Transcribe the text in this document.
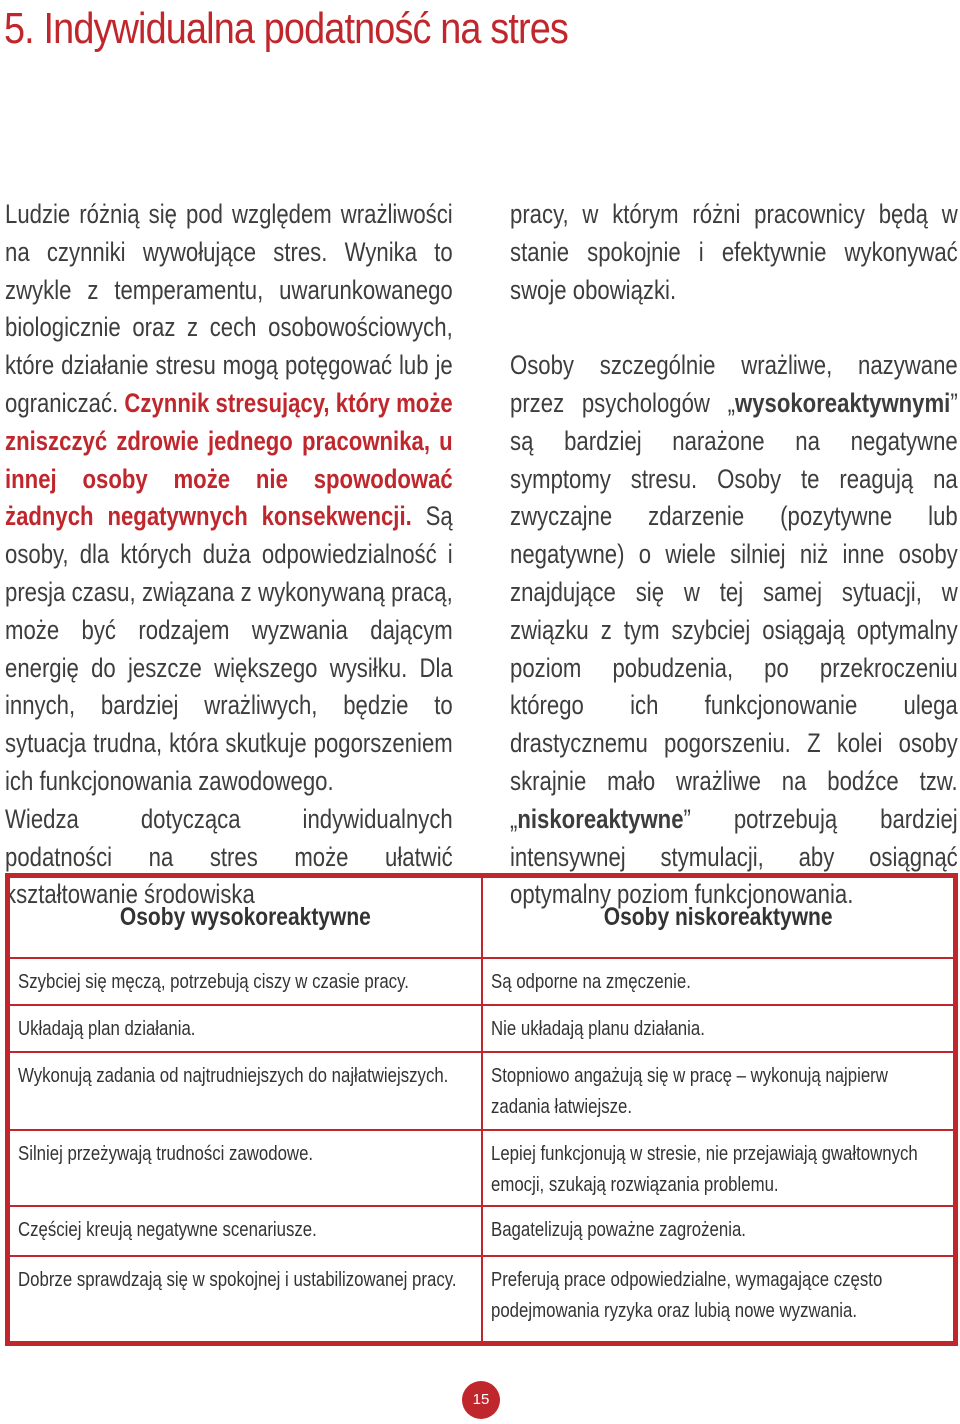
5. Indywidualna podatność na stres

Ludzie różnią się pod względem wrażliwości na czynniki wywołujące stres. Wynika to zwykle z temperamentu, uwarunkowanego biologicznie oraz z cech osobowościowych, które działanie stresu mogą potęgować lub je ograniczać. Czynnik stresujący, który może zniszczyć zdrowie jednego pracownika, u innej osoby może nie spowodować żadnych negatywnych konsekwencji. Są osoby, dla których duża odpowiedzialność i presja czasu, związana z wykonywaną pracą, może być rodzajem wyzwania dającym energię do jeszcze większego wysiłku. Dla innych, bardziej wrażliwych, będzie to sytuacja trudna, która skutkuje pogorszeniem ich funkcjonowania zawodowego.

Wiedza dotycząca indywidualnych podatności na stres może ułatwić kształtowanie środowiska

pracy, w którym różni pracownicy będą w stanie spokojnie i efektywnie wykonywać swoje obowiązki.

Osoby szczególnie wrażliwe, nazywane przez psychologów „wysokoreaktywnymi” są bardziej narażone na negatywne symptomy stresu. Osoby te reagują na zwyczajne zdarzenie (pozytywne lub negatywne) o wiele silniej niż inne osoby znajdujące się w tej samej sytuacji, w związku z tym szybciej osiągają optymalny poziom pobudzenia, po przekroczeniu którego ich funkcjonowanie ulega drastycznemu pogorszeniu. Z kolei osoby skrajnie mało wrażliwe na bodźce tzw. „niskoreaktywne” potrzebują bardziej intensywnej stymulacji, aby osiągnąć optymalny poziom funkcjonowania.

Osoby wysokoreaktywne	Osoby niskoreaktywne

Szybciej się męczą, potrzebują ciszy w czasie pracy.	Są odporne na zmęczenie.

Układają plan działania.	Nie układają planu działania.

Wykonują zadania od najtrudniejszych do najłatwiejszych.	Stopniowo angażują się w pracę – wykonują najpierw zadania łatwiejsze.

Silniej przeżywają trudności zawodowe.	Lepiej funkcjonują w stresie, nie przejawiają gwałtownych emocji, szukają rozwiązania problemu.

Częściej kreują negatywne scenariusze.	Bagatelizują poważne zagrożenia.

Dobrze sprawdzają się w spokojnej i ustabilizowanej pracy.	Preferują prace odpowiedzialne, wymagające często podejmowania ryzyka oraz lubią nowe wyzwania.
15
